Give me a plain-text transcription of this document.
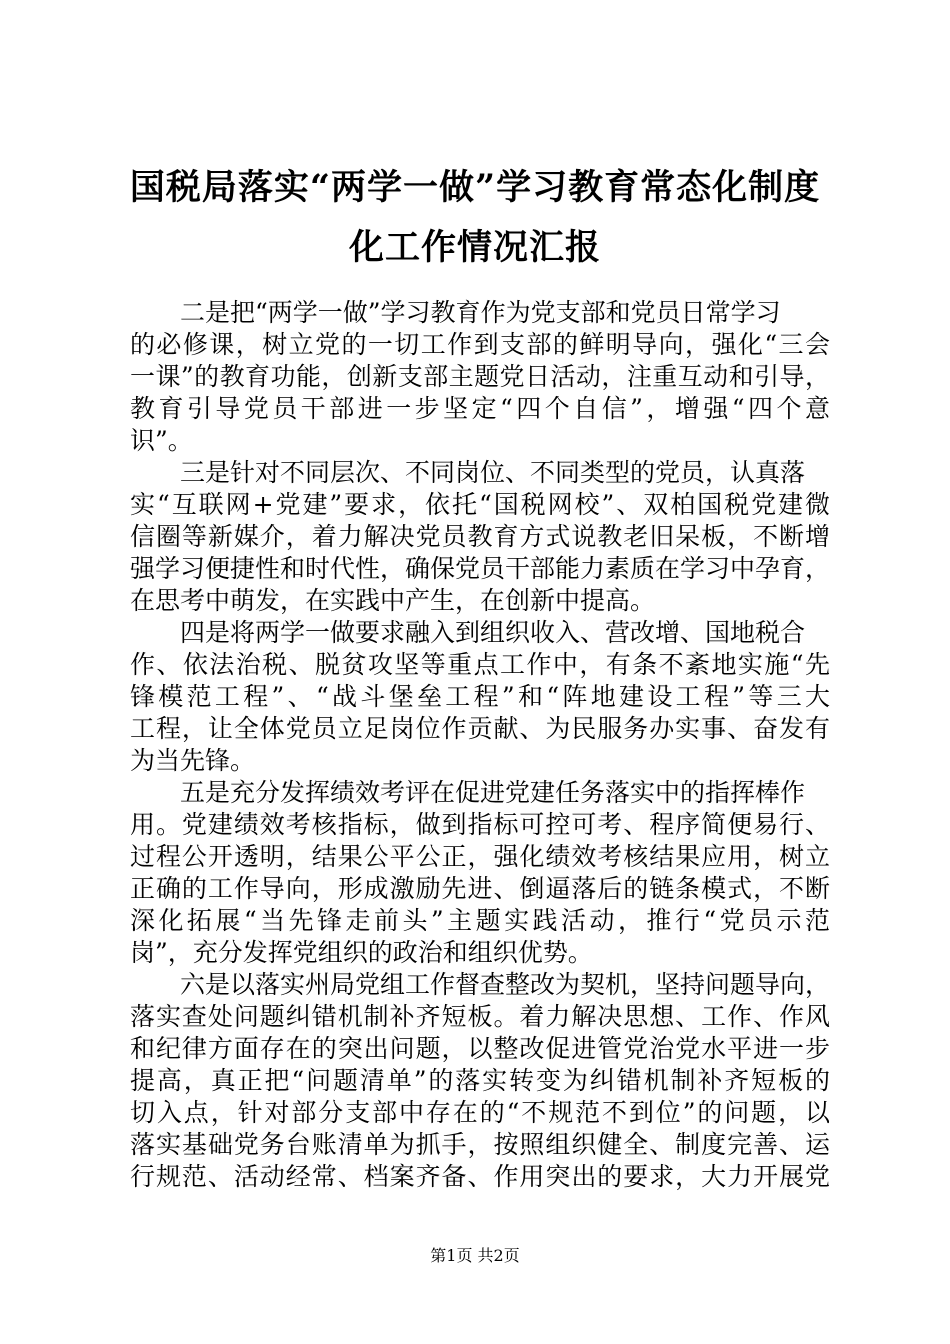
国税局落实“两学一做”学习教育常态化制度
化工作情况汇报

二是把“两学一做”学习教育作为党支部和党员日常学习

的必修课，树立党的一切工作到支部的鲜明导向，强化“三会

一课”的教育功能，创新支部主题党日活动，注重互动和引导，

教育引导党员干部进一步坚定“四个自信”，增强“四个意

识”。

三是针对不同层次、不同岗位、不同类型的党员，认真落

实“互联网+党建”要求，依托“国税网校”、双柏国税党建微

信圈等新媒介，着力解决党员教育方式说教老旧呆板，不断增

强学习便捷性和时代性，确保党员干部能力素质在学习中孕育，

在思考中萌发，在实践中产生，在创新中提高。

四是将两学一做要求融入到组织收入、营改增、国地税合

作、依法治税、脱贫攻坚等重点工作中，有条不紊地实施“先

锋模范工程”、“战斗堡垒工程”和“阵地建设工程”等三大

工程，让全体党员立足岗位作贡献、为民服务办实事、奋发有

为当先锋。

五是充分发挥绩效考评在促进党建任务落实中的指挥棒作

用。党建绩效考核指标，做到指标可控可考、程序简便易行、

过程公开透明，结果公平公正，强化绩效考核结果应用，树立

正确的工作导向，形成激励先进、倒逼落后的链条模式，不断

深化拓展“当先锋走前头”主题实践活动，推行“党员示范

岗”，充分发挥党组织的政治和组织优势。

六是以落实州局党组工作督查整改为契机，坚持问题导向，

落实查处问题纠错机制补齐短板。着力解决思想、工作、作风

和纪律方面存在的突出问题，以整改促进管党治党水平进一步

提高，真正把“问题清单”的落实转变为纠错机制补齐短板的

切入点，针对部分支部中存在的“不规范不到位”的问题，以

落实基础党务台账清单为抓手，按照组织健全、制度完善、运

行规范、活动经常、档案齐备、作用突出的要求，大力开展党

第1页 共2页
